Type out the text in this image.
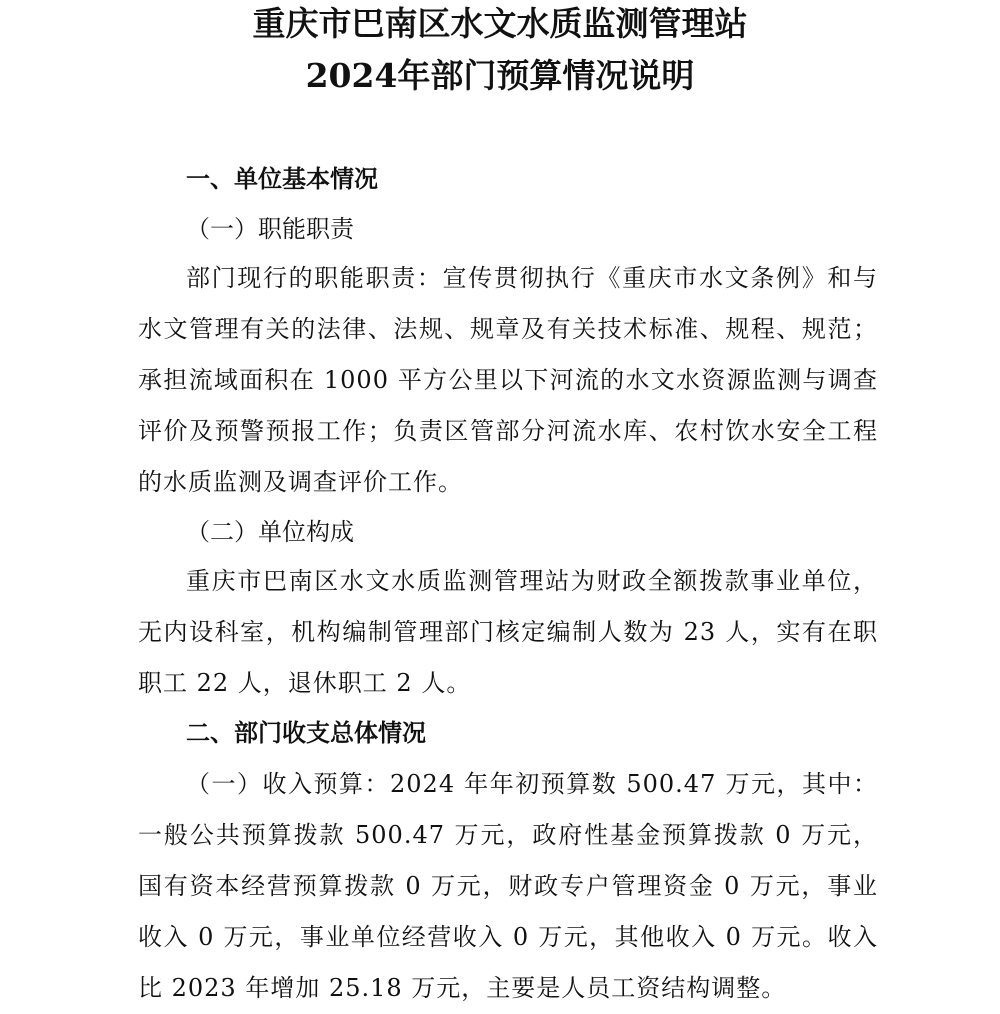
重庆市巴南区水文水质监测管理站
2024年部门预算情况说明
一、单位基本情况
（一）职能职责
部门现行的职能职责：宣传贯彻执行《重庆市水文条例》和与水文管理有关的法律、法规、规章及有关技术标准、规程、规范；承担流域面积在 1000 平方公里以下河流的水文水资源监测与调查评价及预警预报工作；负责区管部分河流水库、农村饮水安全工程的水质监测及调查评价工作。
（二）单位构成
重庆市巴南区水文水质监测管理站为财政全额拨款事业单位，无内设科室，机构编制管理部门核定编制人数为 23 人，实有在职职工 22 人，退休职工 2 人。
二、部门收支总体情况
（一）收入预算：2024 年年初预算数 500.47 万元，其中：一般公共预算拨款 500.47 万元，政府性基金预算拨款 0 万元，国有资本经营预算拨款 0 万元，财政专户管理资金 0 万元，事业收入 0 万元，事业单位经营收入 0 万元，其他收入 0 万元。收入比 2023 年增加 25.18 万元，主要是人员工资结构调整。
